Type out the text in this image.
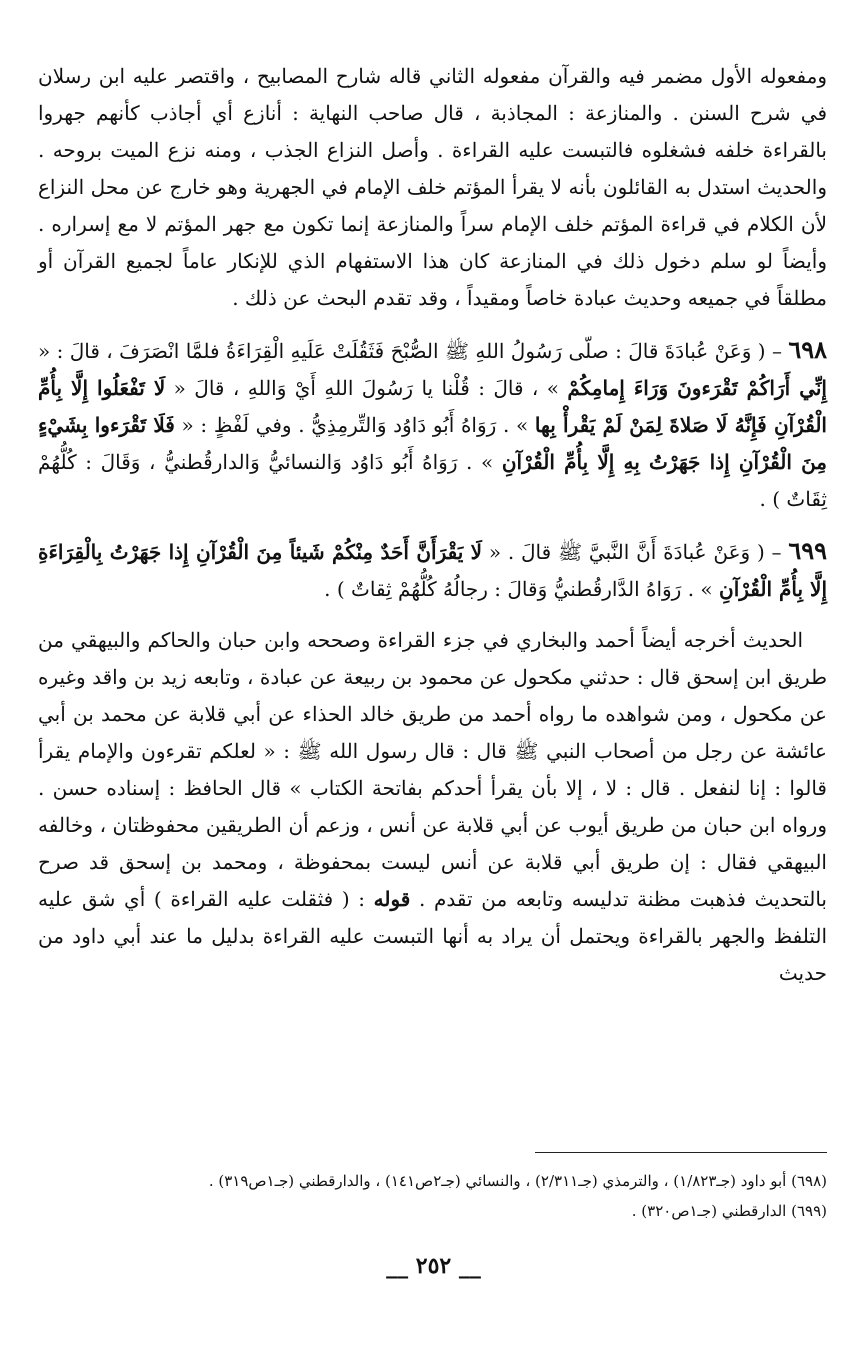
ومفعوله الأول مضمر فيه والقرآن مفعوله الثاني قاله شارح المصابيح ، واقتصر عليه ابن رسلان في شرح السنن . والمنازعة : المجاذبة ، قال صاحب النهاية : أنازع أي أجاذب كأنهم جهروا بالقراءة خلفه فشغلوه فالتبست عليه القراءة . وأصل النزاع الجذب ، ومنه نزع الميت بروحه . والحديث استدل به القائلون بأنه لا يقرأ المؤتم خلف الإمام في الجهرية وهو خارج عن محل النزاع لأن الكلام في قراءة المؤتم خلف الإمام سراً والمنازعة إنما تكون مع جهر المؤتم لا مع إسراره . وأيضاً لو سلم دخول ذلك في المنازعة كان هذا الاستفهام الذي للإنكار عاماً لجميع القرآن أو مطلقاً في جميعه وحديث عبادة خاصاً ومقيداً ، وقد تقدم البحث عن ذلك .

٦٩٨ – ( وَعَنْ عُبادَةَ قالَ : صلّى رَسُولُ اللهِ ﷺ الصُّبْحَ فَثَقُلَتْ عَلَيهِ الْقِرَاءَةُ فلمَّا انْصَرَفَ ، قالَ : « إِنِّي أَرَاكُمْ تَقْرَءونَ وَرَاءَ إِمامِكُمْ » ، قالَ : قُلْنا يا رَسُولَ اللهِ أَيْ وَاللهِ ، قالَ « لَا تَفْعَلُوا إِلَّا بِأُمِّ الْقُرْآنِ فَإِنَّهُ لَا صَلاةَ لِمَنْ لَمْ يَقْرأْ بِها » . رَوَاهُ أَبُو دَاوُد وَالتِّرمِذِيُّ . وفي لَفْظٍ : « فَلَا تَقْرَءوا بِشَيْءٍ مِنَ الْقُرْآنِ إِذا جَهَرْتُ بِهِ إِلَّا بِأُمِّ الْقُرْآنِ » . رَوَاهُ أَبُو دَاوُد وَالنسائيُّ وَالدارقُطنيُّ ، وَقَالَ : كُلُّهُمْ ثِقَاتٌ ) .

٦٩٩ – ( وَعَنْ عُبادَةَ أَنَّ النَّبيَّ ﷺ قالَ . « لَا يَقْرَأَنَّ أَحَدٌ مِنْكُمْ شَيئاً مِنَ الْقُرْآنِ إِذا جَهَرْتُ بِالْقِرَاءَةِ إِلَّا بِأُمِّ الْقُرْآنِ » . رَوَاهُ الدَّارقُطنيُّ وَقالَ : رجالُهُ كُلُّهُمْ ثِقاتٌ ) .

الحديث أخرجه أيضاً أحمد والبخاري في جزء القراءة وصححه وابن حبان والحاكم والبيهقي من طريق ابن إسحق قال : حدثني مكحول عن محمود بن ربيعة عن عبادة ، وتابعه زيد بن واقد وغيره عن مكحول ، ومن شواهده ما رواه أحمد من طريق خالد الحذاء عن أبي قلابة عن محمد بن أبي عائشة عن رجل من أصحاب النبي ﷺ قال : قال رسول الله ﷺ : « لعلكم تقرءون والإمام يقرأ قالوا : إنا لنفعل . قال : لا ، إلا بأن يقرأ أحدكم بفاتحة الكتاب » قال الحافظ : إسناده حسن . ورواه ابن حبان من طريق أيوب عن أبي قلابة عن أنس ، وزعم أن الطريقين محفوظتان ، وخالفه البيهقي فقال : إن طريق أبي قلابة عن أنس ليست بمحفوظة ، ومحمد بن إسحق قد صرح بالتحديث فذهبت مظنة تدليسه وتابعه من تقدم . قوله : ( فثقلت عليه القراءة ) أي شق عليه التلفظ والجهر بالقراءة ويحتمل أن يراد به أنها التبست عليه القراءة بدليل ما عند أبي داود من حديث

(٦٩٨) أبو داود (جـ١/٨٢٣) ، والترمذي (جـ٢/٣١١) ، والنسائي (جـ٢ص١٤١) ، والدارقطني (جـ١ص٣١٩) .

(٦٩٩) الدارقطني (جـ١ص٣٢٠) .

__ ٢٥٢ __
